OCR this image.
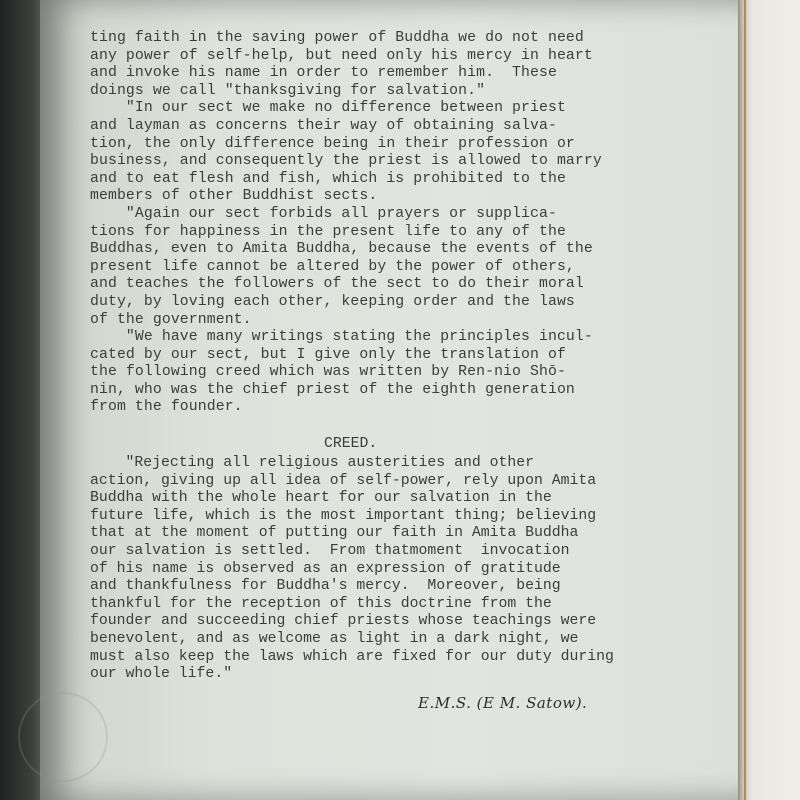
ting faith in the saving power of Buddha we do not need
any power of self-help, but need only his mercy in heart
and invoke his name in order to remember him.  These
doings we call "thanksgiving for salvation."
"In our sect we make no difference between priest
and layman as concerns their way of obtaining salva-
tion, the only difference being in their profession or
business, and consequently the priest is allowed to marry
and to eat flesh and fish, which is prohibited to the
members of other Buddhist sects.
"Again our sect forbids all prayers or supplica-
tions for happiness in the present life to any of the
Buddhas, even to Amita Buddha, because the events of the
present life cannot be altered by the power of others,
and teaches the followers of the sect to do their moral
duty, by loving each other, keeping order and the laws
of the government.
"We have many writings stating the principles incul-
cated by our sect, but I give only the translation of
the following creed which was written by Ren-nio Shō-
nin, who was the chief priest of the eighth generation
from the founder.
CREED.
"Rejecting all religious austerities and other
action, giving up all idea of self-power, rely upon Amita
Buddha with the whole heart for our salvation in the
future life, which is the most important thing; believing
that at the moment of putting our faith in Amita Buddha
our salvation is settled.  From thatmoment  invocation
of his name is observed as an expression of gratitude
and thankfulness for Buddha's mercy.  Moreover, being
thankful for the reception of this doctrine from the
founder and succeeding chief priests whose teachings were
benevolent, and as welcome as light in a dark night, we
must also keep the laws which are fixed for our duty during
our whole life."
E.M.S. (E M. Satow).
